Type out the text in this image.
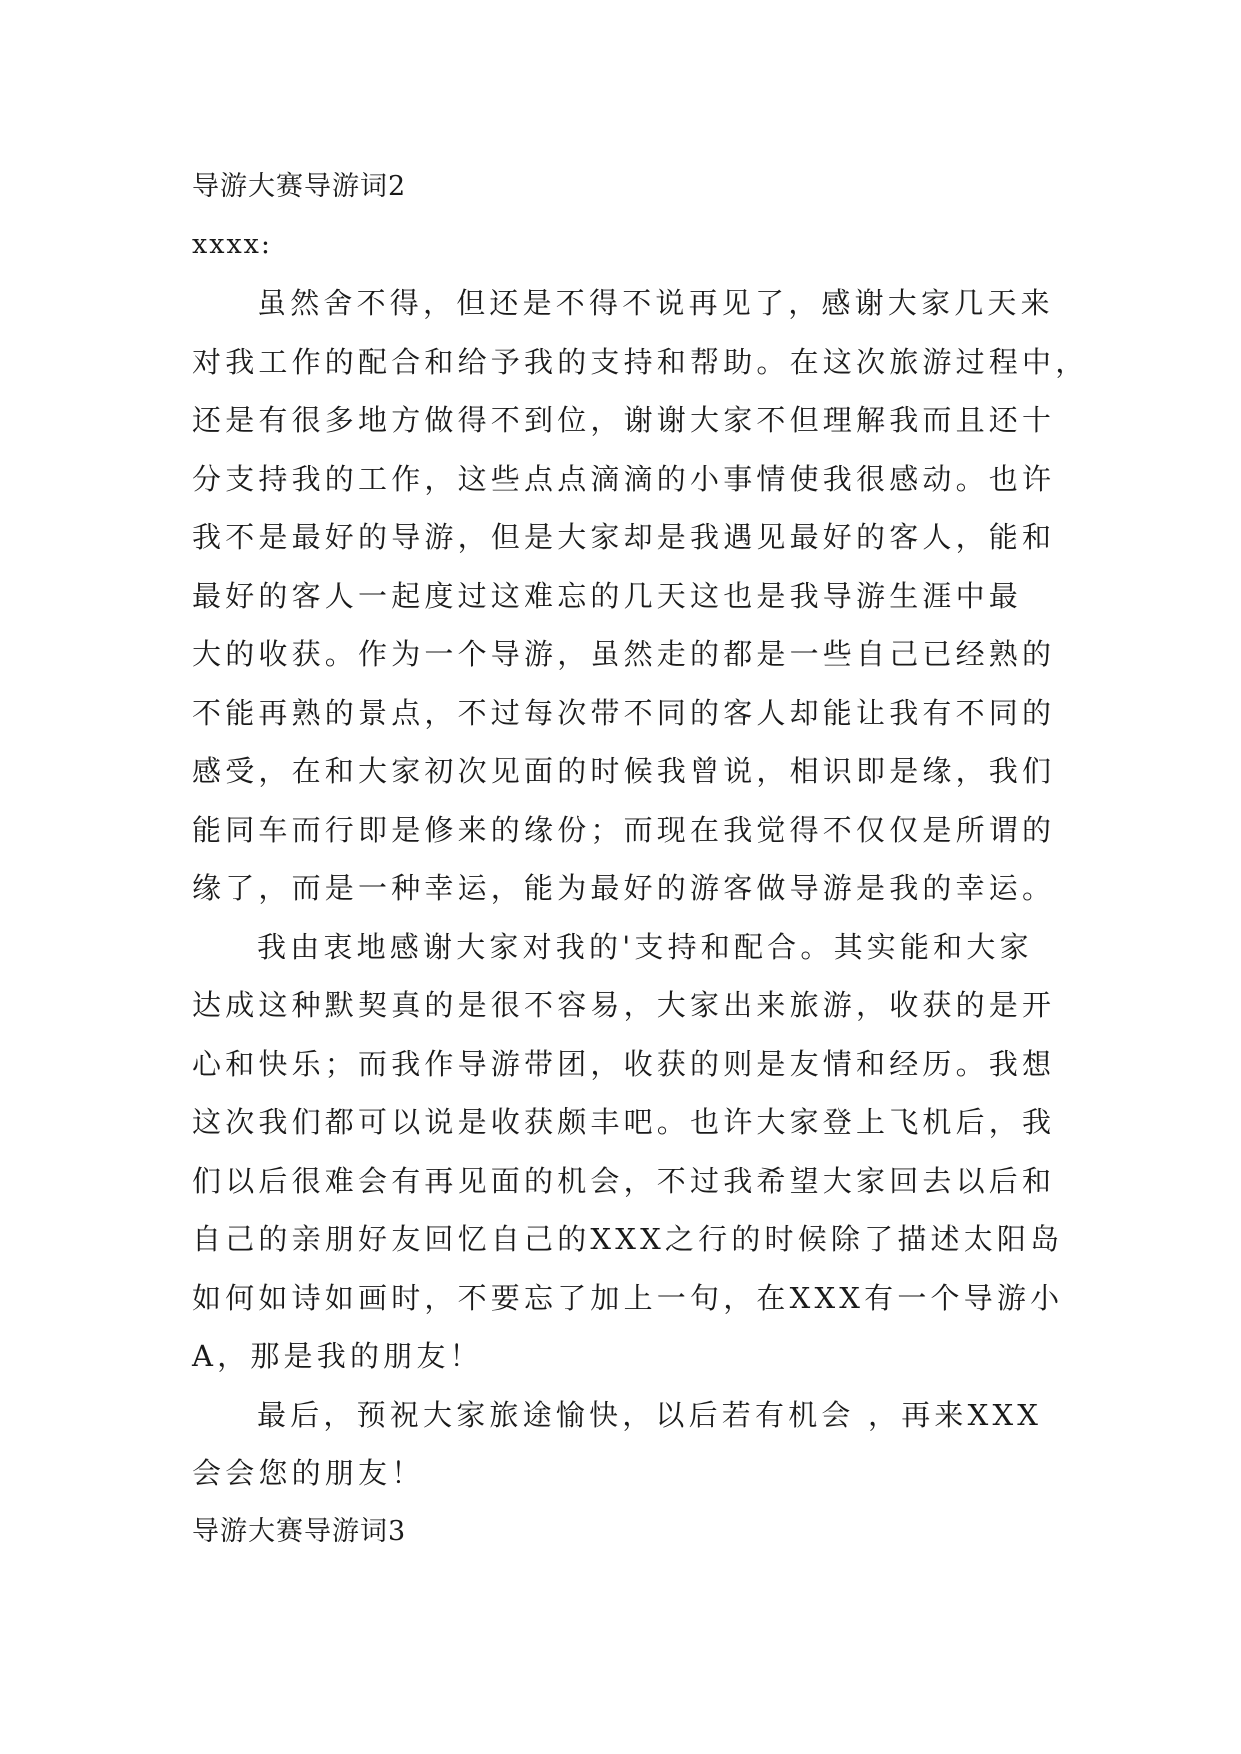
导游大赛导游词2

xxxx:

虽然舍不得，但还是不得不说再见了，感谢大家几天来

对我工作的配合和给予我的支持和帮助。在这次旅游过程中，

还是有很多地方做得不到位，谢谢大家不但理解我而且还十

分支持我的工作，这些点点滴滴的小事情使我很感动。也许

我不是最好的导游，但是大家却是我遇见最好的客人，能和

最好的客人一起度过这难忘的几天这也是我导游生涯中最

大的收获。作为一个导游，虽然走的都是一些自己已经熟的

不能再熟的景点，不过每次带不同的客人却能让我有不同的

感受，在和大家初次见面的时候我曾说，相识即是缘，我们

能同车而行即是修来的缘份；而现在我觉得不仅仅是所谓的

缘了，而是一种幸运，能为最好的游客做导游是我的幸运。

我由衷地感谢大家对我的'支持和配合。其实能和大家

达成这种默契真的是很不容易，大家出来旅游，收获的是开

心和快乐；而我作导游带团，收获的则是友情和经历。我想

这次我们都可以说是收获颇丰吧。也许大家登上飞机后，我

们以后很难会有再见面的机会，不过我希望大家回去以后和

自己的亲朋好友回忆自己的XXX之行的时候除了描述太阳岛

如何如诗如画时，不要忘了加上一句，在XXX有一个导游小

A，那是我的朋友！

最后，预祝大家旅途愉快，以后若有机会 ，再来XXX

会会您的朋友！

导游大赛导游词3
